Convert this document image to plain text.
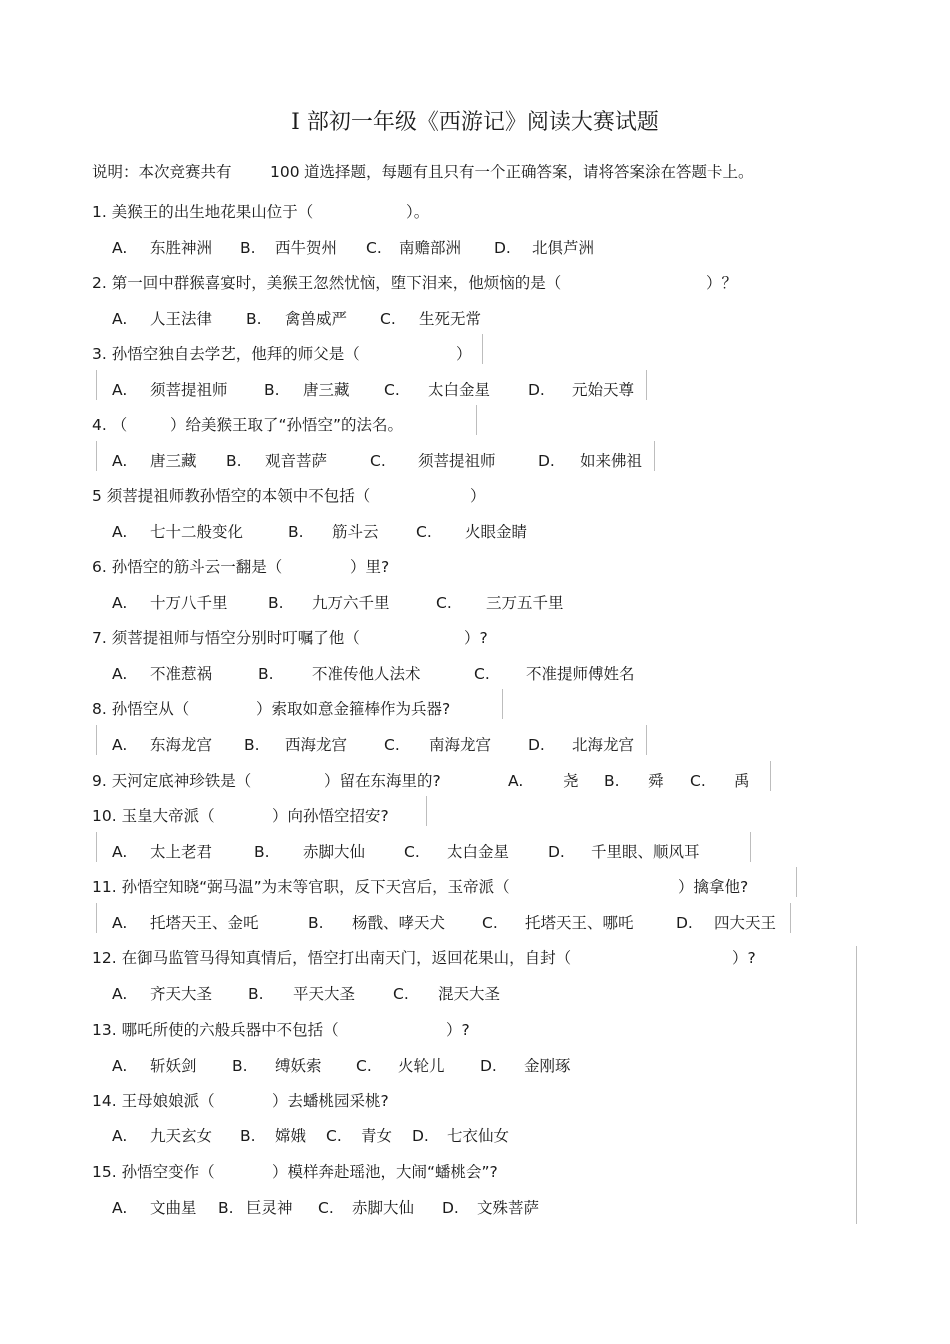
I 部初一年级《西游记》阅读大赛试题

说明：本次竞赛共有

100

道选择题，每题有且只有一个正确答案，请将答案涂在答题卡上。

1. 美猴王的出生地花果山位于（	）。
A. 东胜神洲 B. 西牛贺州 C. 南赡部洲 D. 北俱芦洲
2. 第一回中群猴喜宴时，美猴王忽然忧恼，堕下泪来，他烦恼的是（	）？
A. 人王法律 B. 禽兽威严 C. 生死无常
3. 孙悟空独自去学艺，他拜的师父是（	）
A. 须菩提祖师 B. 唐三藏 C. 太白金星 D. 元始天尊
4. （	）给美猴王取了“孙悟空”的法名。
A. 唐三藏 B. 观音菩萨	C. 须菩提祖师	D. 如来佛祖
5 须菩提祖师教孙悟空的本领中不包括（	）
A. 七十二般变化	B. 筋斗云 C. 火眼金睛
6. 孙悟空的筋斗云一翻是（	）里?
A. 十万八千里	B. 九万六千里	C. 三万五千里
7. 须菩提祖师与悟空分别时叮嘱了他（	）?
A. 不准惹祸	B. 不准传他人法术	C. 不准提师傅姓名
8. 孙悟空从（	）索取如意金箍棒作为兵器?
A. 东海龙宫 B. 西海龙宫 C. 南海龙宫 D. 北海龙宫
9. 天河定底神珍铁是（	）留在东海里的?	A.	尧 B. 舜 C. 禹
10. 玉皇大帝派（	）向孙悟空招安?
A. 太上老君	B. 赤脚大仙	C. 太白金星	D. 千里眼、顺风耳
11. 孙悟空知晓“弼马温”为末等官职，反下天宫后，玉帝派（	）擒拿他?
A. 托塔天王、金吒	B. 杨戬、哮天犬 C. 托塔天王、哪吒	D. 四大天王
12. 在御马监管马得知真情后，悟空打出南天门，返回花果山，自封（	）?
A. 齐天大圣 B. 平天大圣 C. 混天大圣
13. 哪吒所使的六般兵器中不包括（	）?
A. 斩妖剑 B. 缚妖索 C. 火轮儿 D. 金刚琢
14. 王母娘娘派（	）去蟠桃园采桃?
A. 九天玄女 B. 嫦娥 C. 青女 D. 七衣仙女
15. 孙悟空变作（	）模样奔赴瑶池，大闹“蟠桃会”?
A. 文曲星 B. 巨灵神 C. 赤脚大仙 D. 文殊菩萨
